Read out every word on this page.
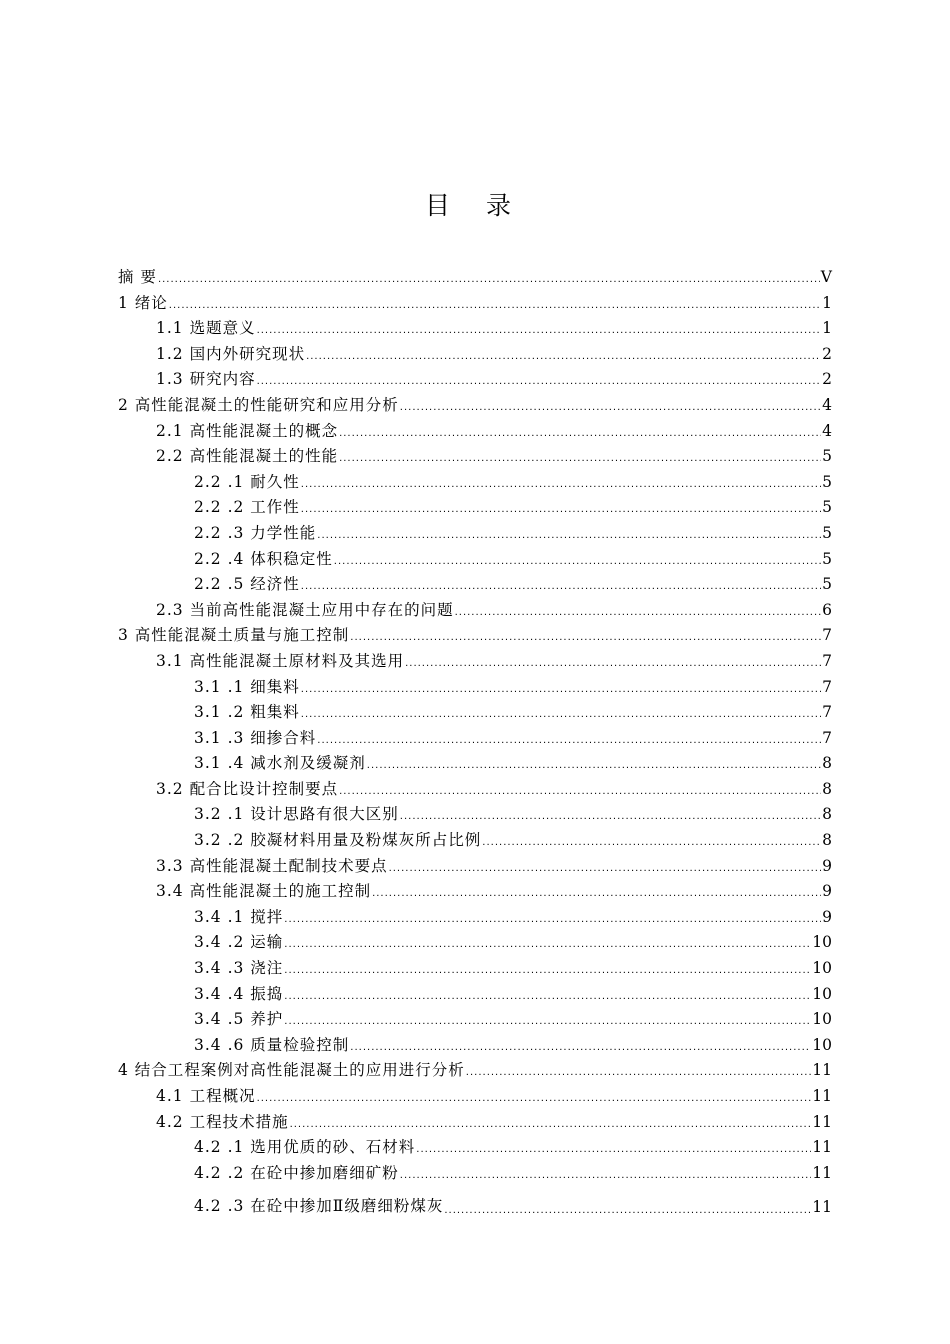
目 录
摘 要 .....	V
1 绪论 .....	1
1.1 选题意义 .....	1
1.2 国内外研究现状 .....	2
1.3 研究内容 .....	2
2 高性能混凝土的性能研究和应用分析 .....	4
2.1 高性能混凝土的概念 .....	4
2.2 高性能混凝土的性能 .....	5
2.2 .1 耐久性 .....	5
2.2 .2 工作性 .....	5
2.2 .3 力学性能 .....	5
2.2 .4 体积稳定性 .....	5
2.2 .5 经济性 .....	5
2.3 当前高性能混凝土应用中存在的问题 .....	6
3 高性能混凝土质量与施工控制 .....	7
3.1 高性能混凝土原材料及其选用 .....	7
3.1 .1 细集料 .....	7
3.1 .2 粗集料 .....	7
3.1 .3 细掺合料 .....	7
3.1 .4 减水剂及缓凝剂 .....	8
3.2 配合比设计控制要点 .....	8
3.2 .1 设计思路有很大区别 .....	8
3.2 .2 胶凝材料用量及粉煤灰所占比例 .....	8
3.3 高性能混凝土配制技术要点 .....	9
3.4 高性能混凝土的施工控制 .....	9
3.4 .1 搅拌 .....	9
3.4 .2 运输 .....	10
3.4 .3 浇注 .....	10
3.4 .4 振捣 .....	10
3.4 .5 养护 .....	10
3.4 .6 质量检验控制 .....	10
4 结合工程案例对高性能混凝土的应用进行分析 .....	11
4.1 工程概况 .....	11
4.2 工程技术措施 .....	11
4.2 .1 选用优质的砂、石材料 .....	11
4.2 .2 在砼中掺加磨细矿粉 .....	11
4.2 .3 在砼中掺加Ⅱ级磨细粉煤灰 .....	11
